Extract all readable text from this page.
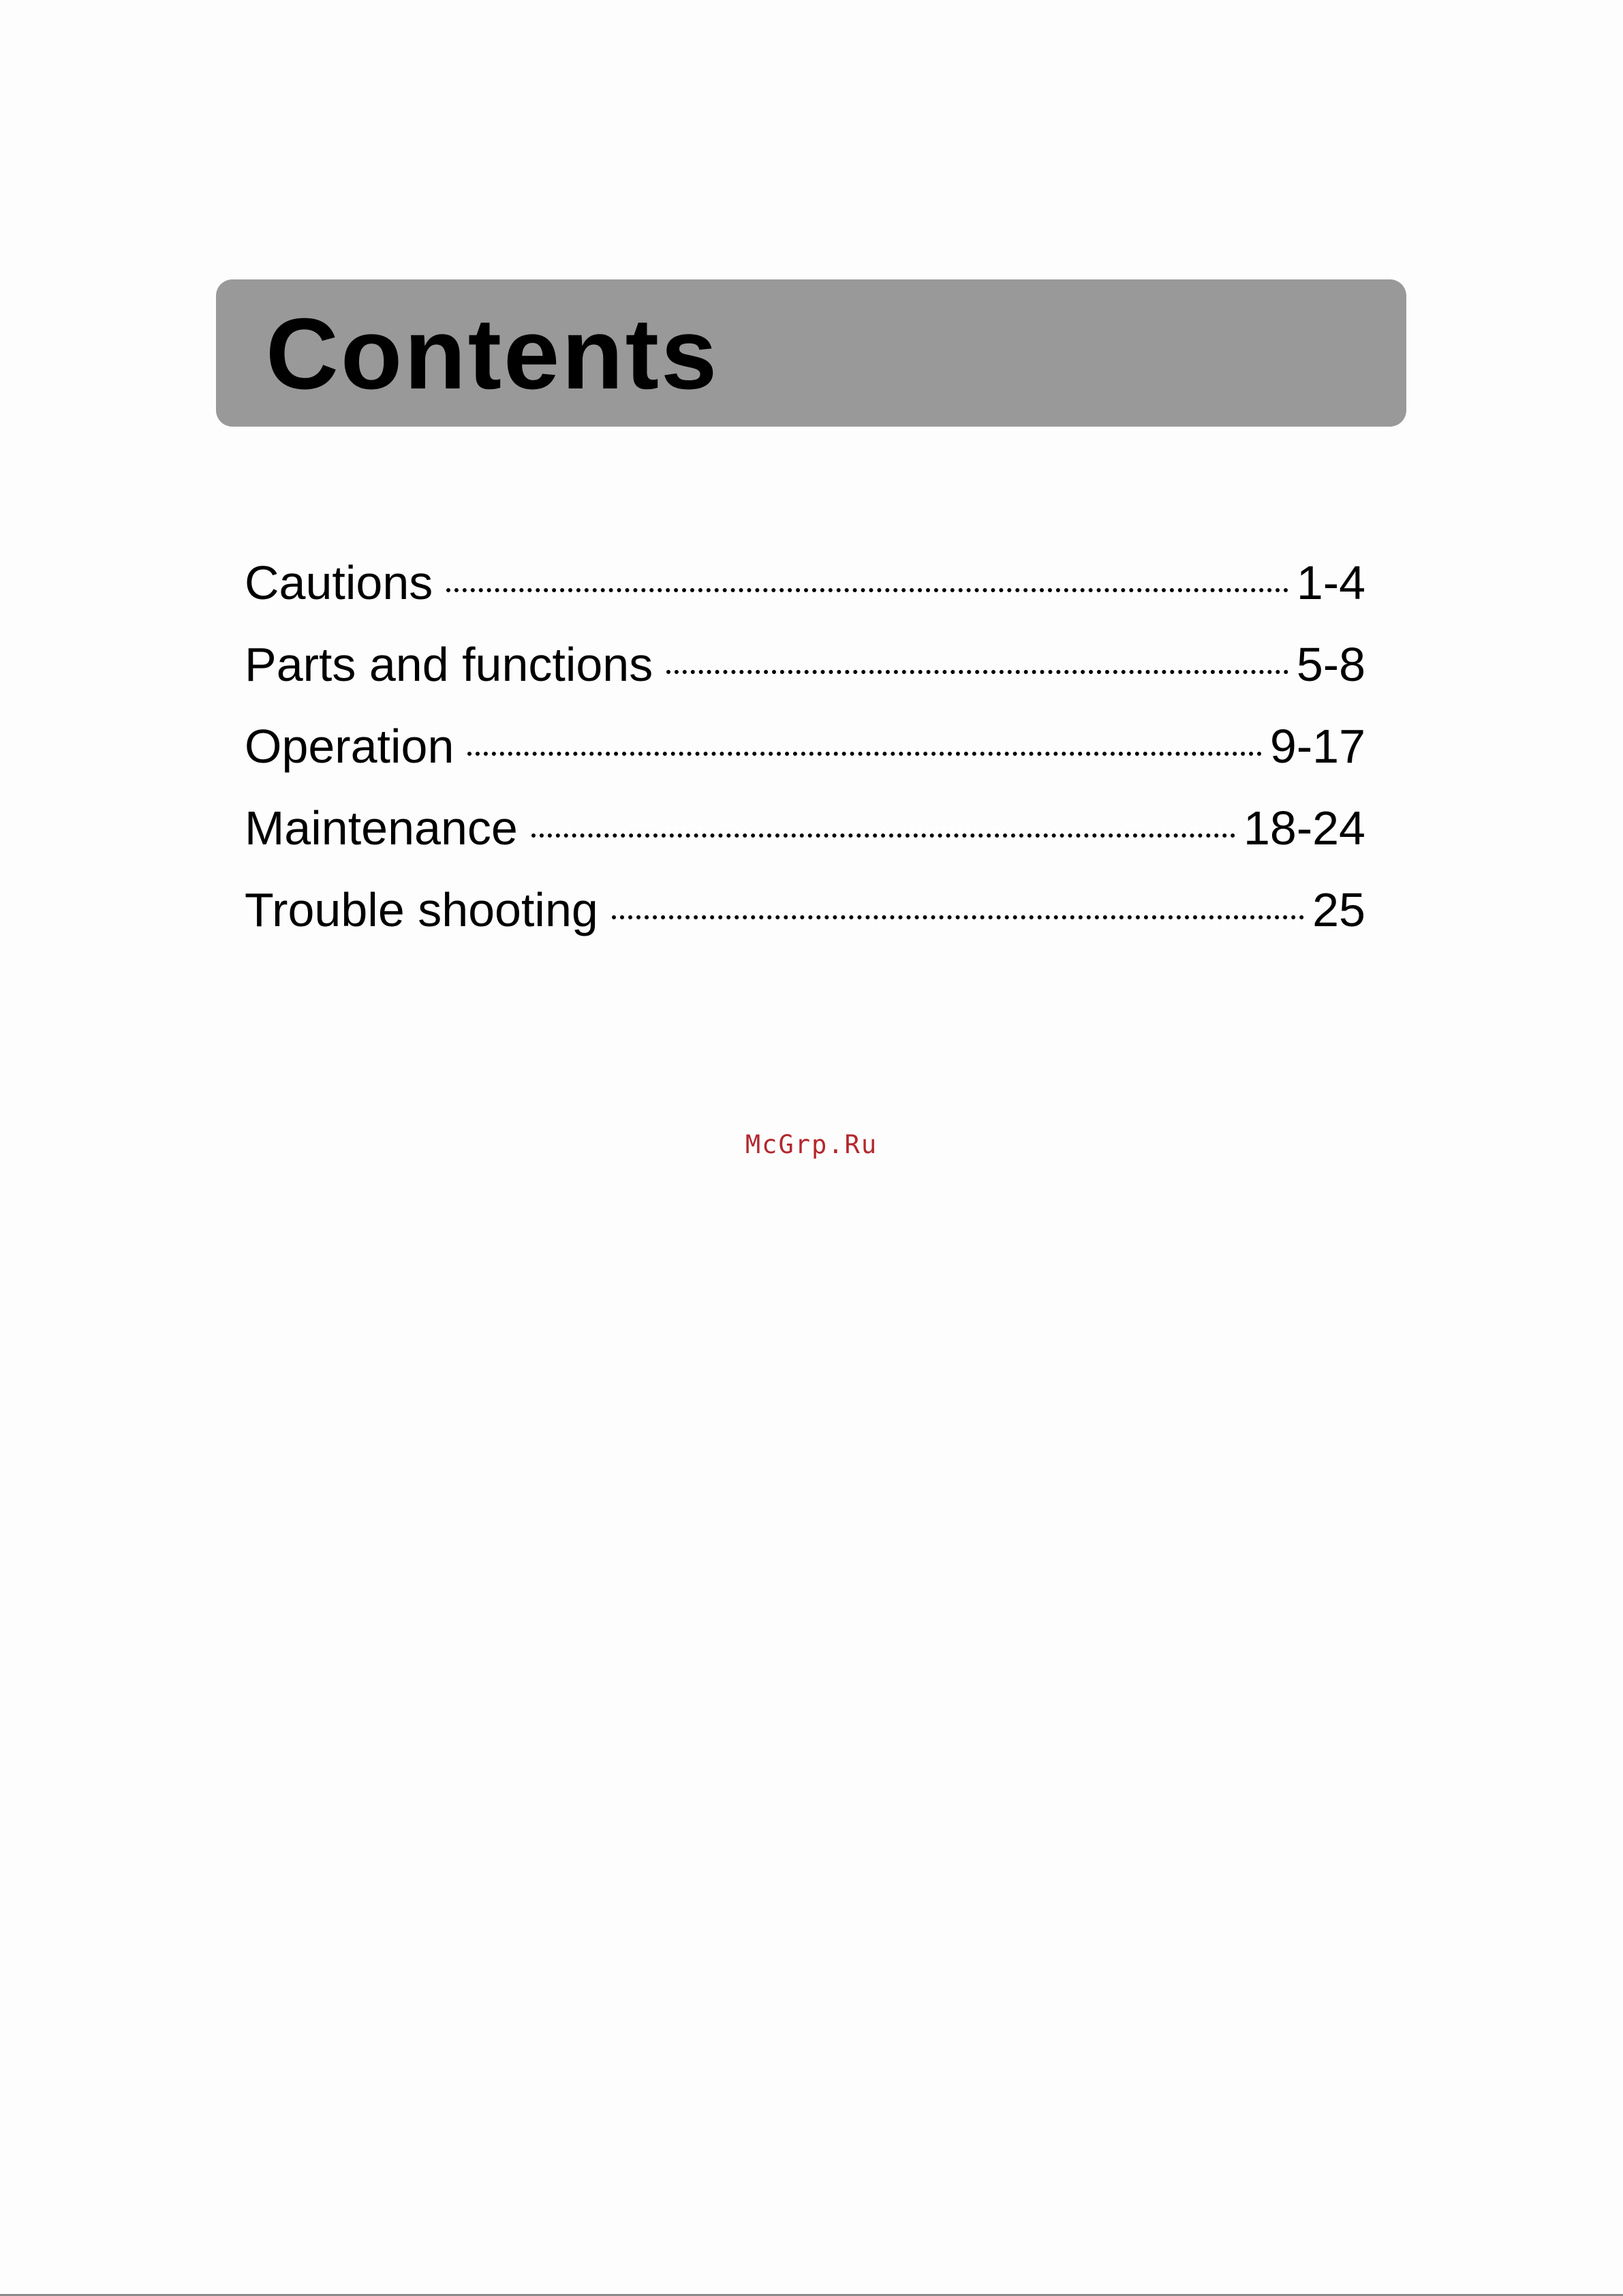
Contents
Cautions	1-4
Parts and functions	5-8
Operation	9-17
Maintenance	18-24
Trouble shooting	25
McGrp.Ru
